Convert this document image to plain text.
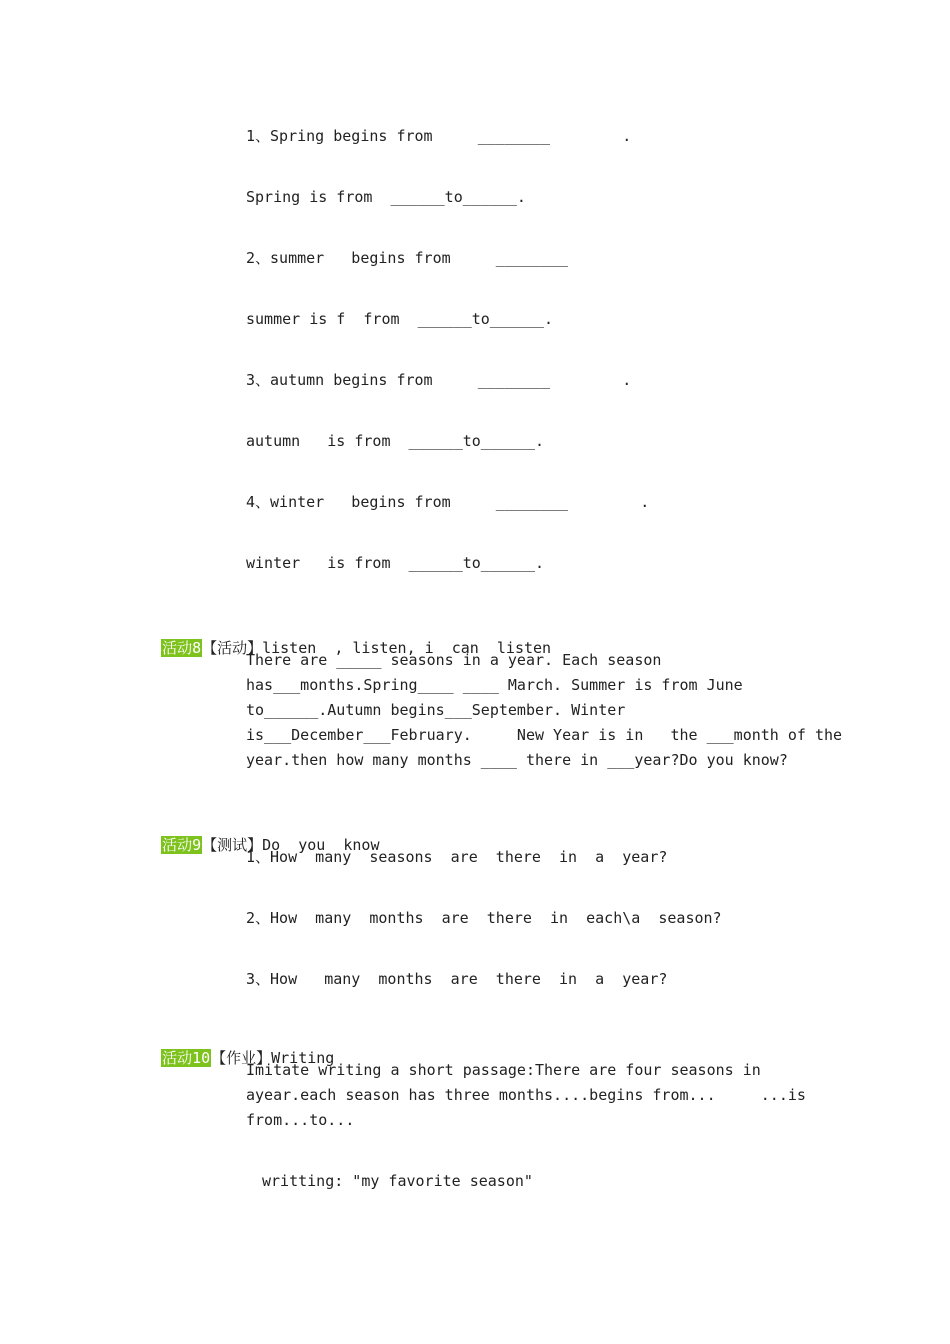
1、Spring begins from     ________        .
Spring is from  ______to______.
2、summer   begins from     ________
summer is f  from  ______to______.
3、autumn begins from     ________        .
autumn   is from  ______to______.
4、winter   begins from     ________        .
winter   is from  ______to______.

活动8【活动】listen  , listen, i  can  listen

There are _____ seasons in a year. Each season
has___months.Spring____ ____ March. Summer is from June
to______.Autumn begins___September. Winter
is___December___February.     New Year is in   the ___month of the
year.then how many months ____ there in ___year?Do you know?

活动9【测试】Do  you  know

1、How  many  seasons  are  there  in  a  year?
2、How  many  months  are  there  in  each\a  season?
3、How   many  months  are  there  in  a  year?

活动10【作业】Writing

Imitate writing a short passage:There are four seasons in
ayear.each season has three months....begins from...     ...is
from...to...
writting: "my favorite season"
